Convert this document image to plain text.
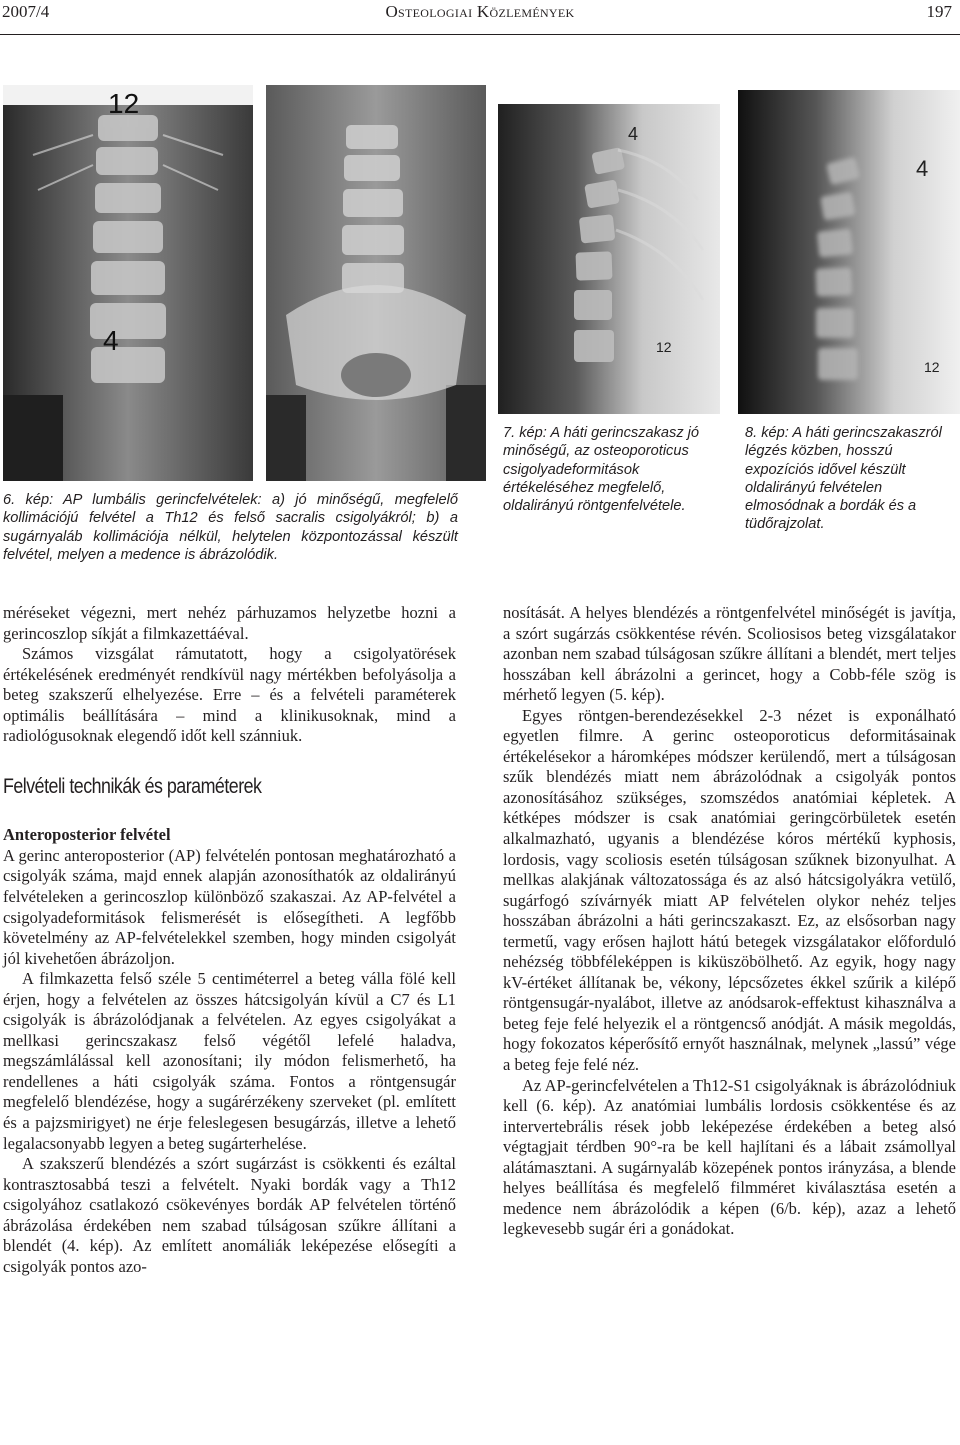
2007/4	Osteologiai Közlemények	197
12
4
4
12
4
12
6. kép: AP lumbális gerincfelvételek: a) jó minőségű, megfelelő kollimációjú felvétel a Th12 és felső sacralis csigolyákról; b) a sugárnyaláb kollimációja nélkül, helytelen központozással készült felvétel, melyen a medence is ábrázolódik.
7. kép: A háti gerincszakasz jó minőségű, az osteoporoticus csigolyadeformitások értékeléséhez megfelelő, oldalirányú röntgenfelvétele.
8. kép: A háti gerincszakaszról légzés közben, hosszú expozíciós idővel készült oldalirányú felvételen elmosódnak a bordák és a tüdőrajzolat.

méréseket végezni, mert nehéz párhuzamos helyzetbe hozni a gerincoszlop síkját a filmkazettáéval.

Számos vizsgálat rámutatott, hogy a csigolyatörések értékelésének eredményét rendkívül nagy mértékben befolyásolja a beteg szakszerű elhelyezése. Erre – és a felvételi paraméterek optimális beállítására – mind a klinikusoknak, mind a radiológusoknak elegendő időt kell szánniuk.

Felvételi technikák és paraméterek
Anteroposterior felvétel

A gerinc anteroposterior (AP) felvételén pontosan meghatározható a csigolyák száma, majd ennek alapján azonosíthatók az oldalirányú felvételeken a gerincoszlop különböző szakaszai. Az AP-felvétel a csigolyadeformitások felismerését is elősegítheti. A legfőbb követelmény az AP-felvételekkel szemben, hogy minden csigolyát jól kivehetően ábrázoljon.

A filmkazetta felső széle 5 centiméterrel a beteg válla fölé kell érjen, hogy a felvételen az összes hátcsigolyán kívül a C7 és L1 csigolyák is ábrázolódjanak a felvételen. Az egyes csigolyákat a mellkasi gerincszakasz felső végétől lefelé haladva, megszámlálással kell azonosítani; ily módon felismerhető, ha rendellenes a háti csigolyák száma. Fontos a röntgensugár megfelelő blendézése, hogy a sugárérzékeny szerveket (pl. említett és a pajzsmirigyet) ne érje feleslegesen besugárzás, illetve a lehető legalacsonyabb legyen a beteg sugárterhelése.

A szakszerű blendézés a szórt sugárzást is csökkenti és ezáltal kontrasztosabbá teszi a felvételt. Nyaki bordák vagy a Th12 csigolyához csatlakozó csökevényes bordák AP felvételen történő ábrázolása érdekében nem szabad túlságosan szűkre állítani a blendét (4. kép). Az említett anomáliák leképezése elősegíti a csigolyák pontos azo-

nosítását. A helyes blendézés a röntgenfelvétel minőségét is javítja, a szórt sugárzás csökkentése révén. Scoliosisos beteg vizsgálatakor azonban nem szabad túlságosan szűkre állítani a blendét, mert teljes hosszában kell ábrázolni a gerincet, hogy a Cobb-féle szög is mérhető legyen (5. kép).

Egyes röntgen-berendezésekkel 2-3 nézet is exponálható egyetlen filmre. A gerinc osteoporoticus deformitásainak értékelésekor a háromképes módszer kerülendő, mert a túlságosan szűk blendézés miatt nem ábrázolódnak a csigolyák pontos azonosításához szükséges, szomszédos anatómiai képletek. A kétképes módszer is csak anatómiai geringcörbületek esetén alkalmazható, ugyanis a blendézése kóros mértékű kyphosis, lordosis, vagy scoliosis esetén túlságosan szűknek bizonyulhat. A mellkas alakjának változatossága és az alsó hátcsigolyákra vetülő, sugárfogó szívárnyék miatt AP felvételen olykor nehéz teljes hosszában ábrázolni a háti gerincszakaszt. Ez, az elsősorban nagy termetű, vagy erősen hajlott hátú betegek vizsgálatakor előforduló nehézség többféleképpen is kiküszöbölhető. Az egyik, hogy nagy kV-értéket állítanak be, vékony, lépcsőzetes ékkel szűrik a kilépő röntgensugár-nyalábot, illetve az anódsarok-effektust kihasználva a beteg feje felé helyezik el a röntgencső anódját. A másik megoldás, hogy fokozatos képerősítő ernyőt használnak, melynek „lassú” vége a beteg feje felé néz.

Az AP-gerincfelvételen a Th12-S1 csigolyáknak is ábrázolódniuk kell (6. kép). Az anatómiai lumbális lordosis csökkentése és az intervertebrális rések jobb leképezése érdekében a beteg alsó végtagjait térdben 90°-ra be kell hajlítani és a lábait zsámollyal alátámasztani. A sugárnyaláb közepének pontos irányzása, a blende helyes beállítása és megfelelő filmméret kiválasztása esetén a medence nem ábrázolódik a képen (6/b. kép), azaz a lehető legkevesebb sugár éri a gonádokat.
